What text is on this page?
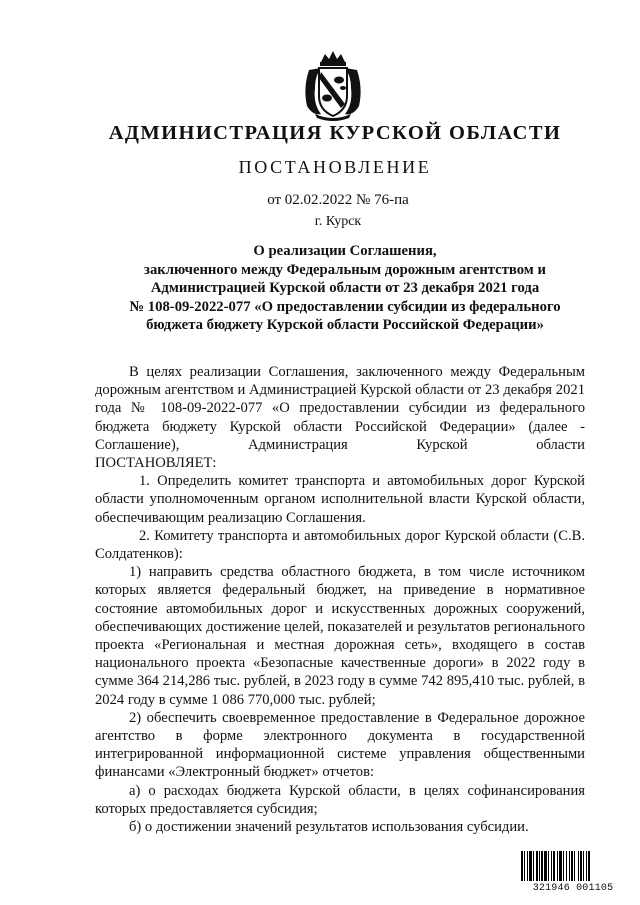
АДМИНИСТРАЦИЯ КУРСКОЙ ОБЛАСТИ
ПОСТАНОВЛЕНИЕ
от 02.02.2022 № 76-па
г. Курск
О реализации Соглашения,
заключенного между Федеральным дорожным агентством и
Администрацией Курской области от 23 декабря 2021 года
№ 108-09-2022-077 «О предоставлении субсидии из федерального
бюджета бюджету Курской области Российской Федерации»

В целях реализации Соглашения, заключенного между Федеральным дорожным агентством и Администрацией Курской области от 23 декабря 2021 года № 108-09-2022-077 «О предоставлении субсидии из федерального бюджета бюджету Курской области Российской Федерации» (далее - Соглашение), Администрация Курской области

ПОСТАНОВЛЯЕТ:

1. Определить комитет транспорта и автомобильных дорог Курской области уполномоченным органом исполнительной власти Курской области, обеспечивающим реализацию Соглашения.

2. Комитету транспорта и автомобильных дорог Курской области (С.В. Солдатенков):

1) направить средства областного бюджета, в том числе источником которых является федеральный бюджет, на приведение в нормативное состояние автомобильных дорог и искусственных дорожных сооружений, обеспечивающих достижение целей, показателей и результатов регионального проекта «Региональная и местная дорожная сеть», входящего в состав национального проекта «Безопасные качественные дороги» в 2022 году в сумме 364 214,286 тыс. рублей, в 2023 году в сумме 742 895,410 тыс. рублей, в 2024 году в сумме 1 086 770,000 тыс. рублей;

2) обеспечить своевременное предоставление в Федеральное дорожное агентство в форме электронного документа в государственной интегрированной информационной системе управления общественными финансами «Электронный бюджет» отчетов:

а) о расходах бюджета Курской области, в целях софинансирования которых предоставляется субсидия;

б) о достижении значений результатов использования субсидии.

321946 001105
